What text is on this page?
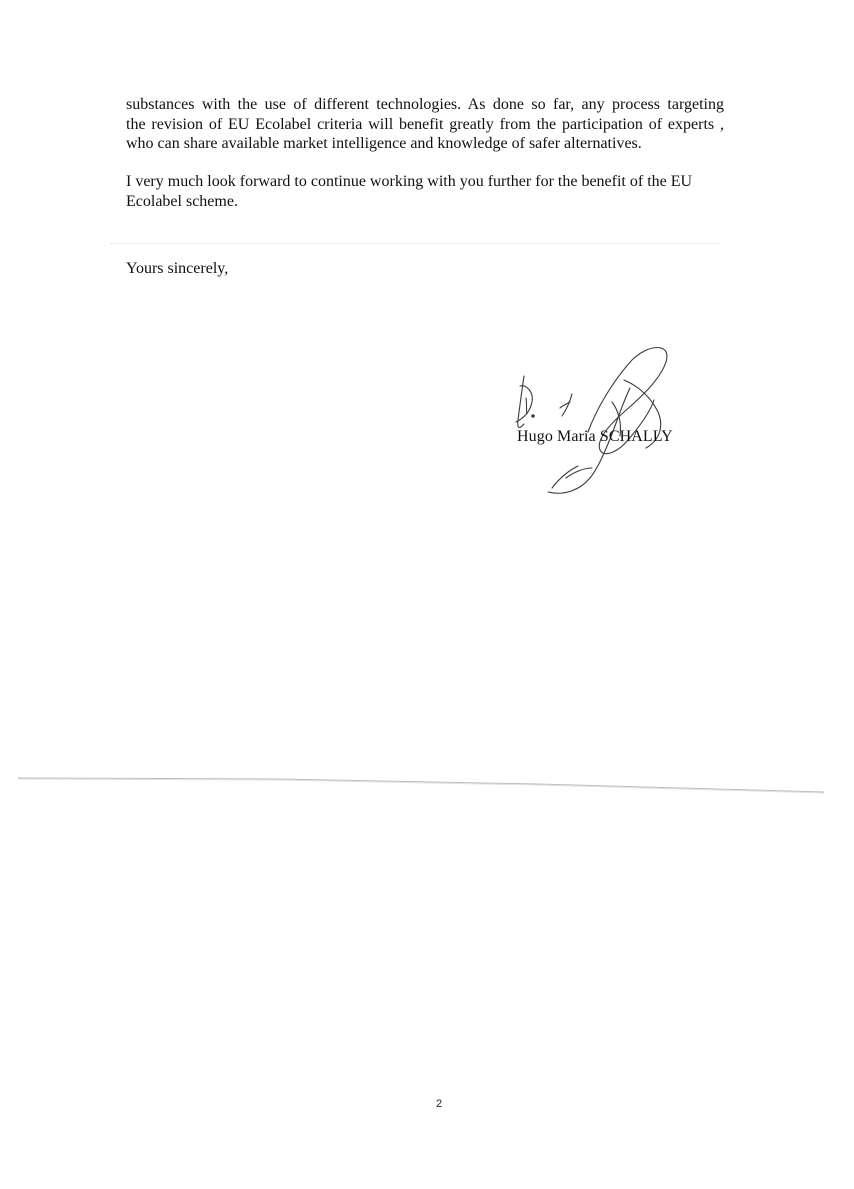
substances with the use of different technologies. As done so far, any process targeting
the revision of EU Ecolabel criteria will benefit greatly from the participation of experts ,
who can share available market intelligence and knowledge of safer alternatives.
I very much look forward to continue working with you further for the benefit of the EU
Ecolabel scheme.

Yours sincerely,

Hugo Maria SCHALLY

2
